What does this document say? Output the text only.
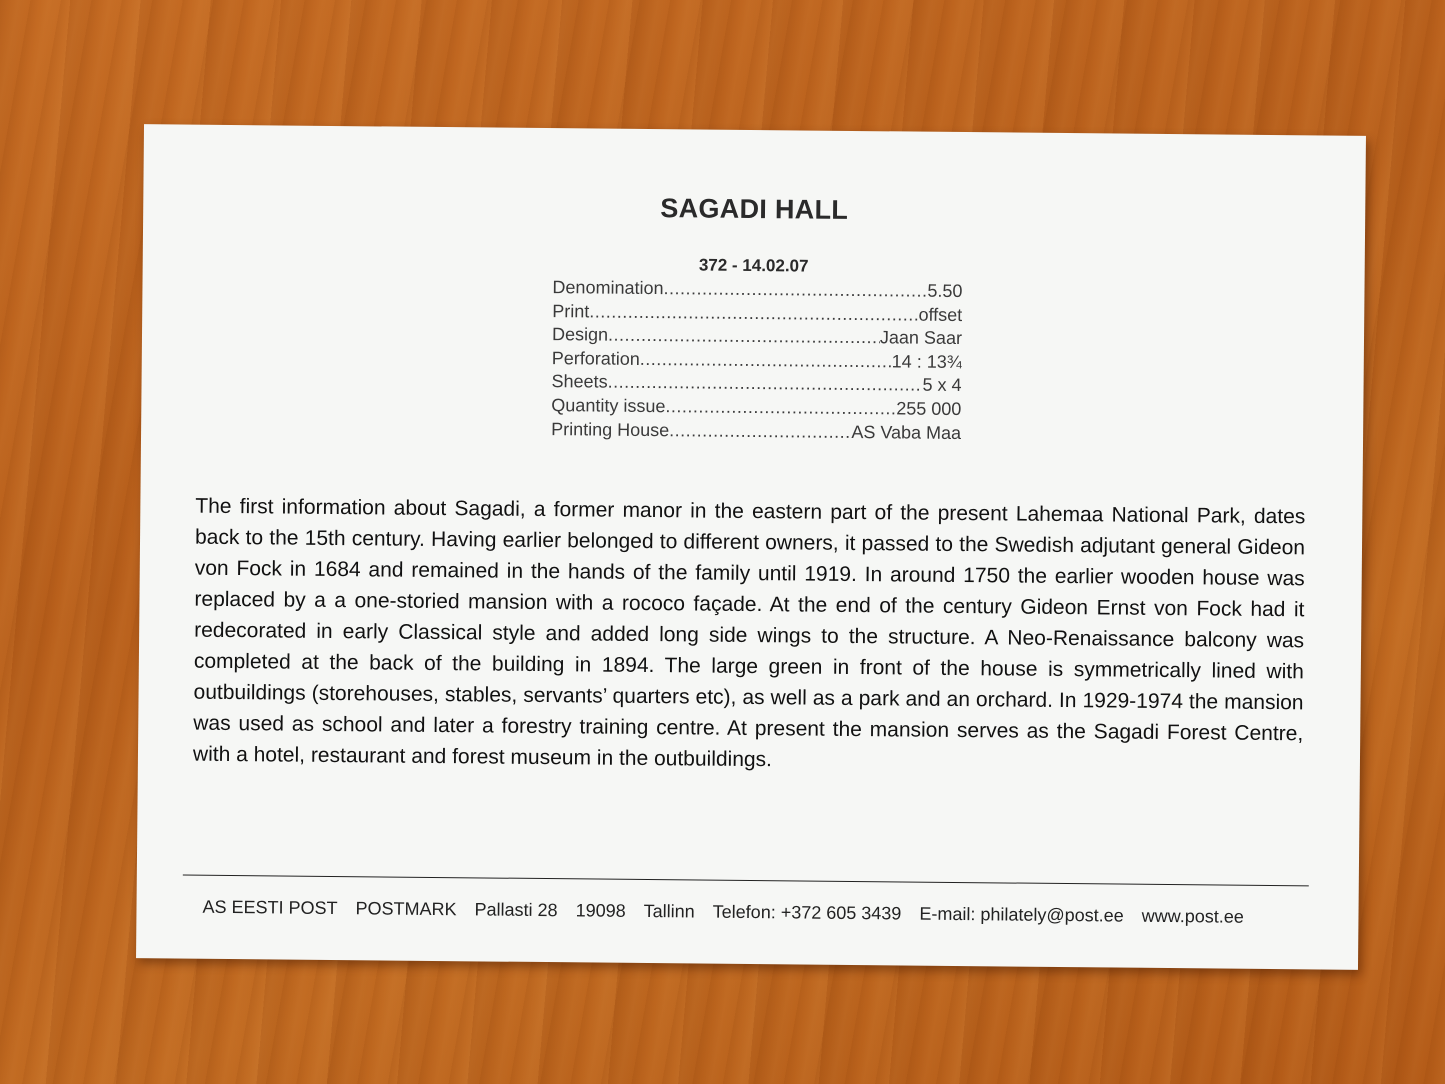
SAGADI HALL
372 - 14.02.07
Denomination .....	5.50
Print .....	offset
Design .....	Jaan Saar
Perforation .....	14 : 13¾
Sheets .....	5 x 4
Quantity issue .....	255 000
Printing House .....	AS Vaba Maa
The first information about Sagadi, a former manor in the eastern part of the present Lahemaa National Park, dates back to the 15th century. Having earlier belonged to different owners, it passed to the Swedish adjutant general Gideon von Fock in 1684 and remained in the hands of the family until 1919. In around 1750 the earlier wooden house was replaced by a a one-storied mansion with a rococo façade. At the end of the century Gideon Ernst von Fock had it redecorated in early Classical style and added long side wings to the structure. A Neo-Renaissance balcony was completed at the back of the building in 1894. The large green in front of the house is symmetrically lined with outbuildings (storehouses, stables, servants’ quarters etc), as well as a park and an orchard. In 1929-1974 the mansion was used as school and later a forestry training centre. At present the mansion serves as the Sagadi Forest Centre, with a hotel, restaurant and forest museum in the outbuildings.
AS EESTI POST POSTMARK Pallasti 28 19098 Tallinn Telefon: +372 605 3439 E-mail: philately@post.ee www.post.ee
